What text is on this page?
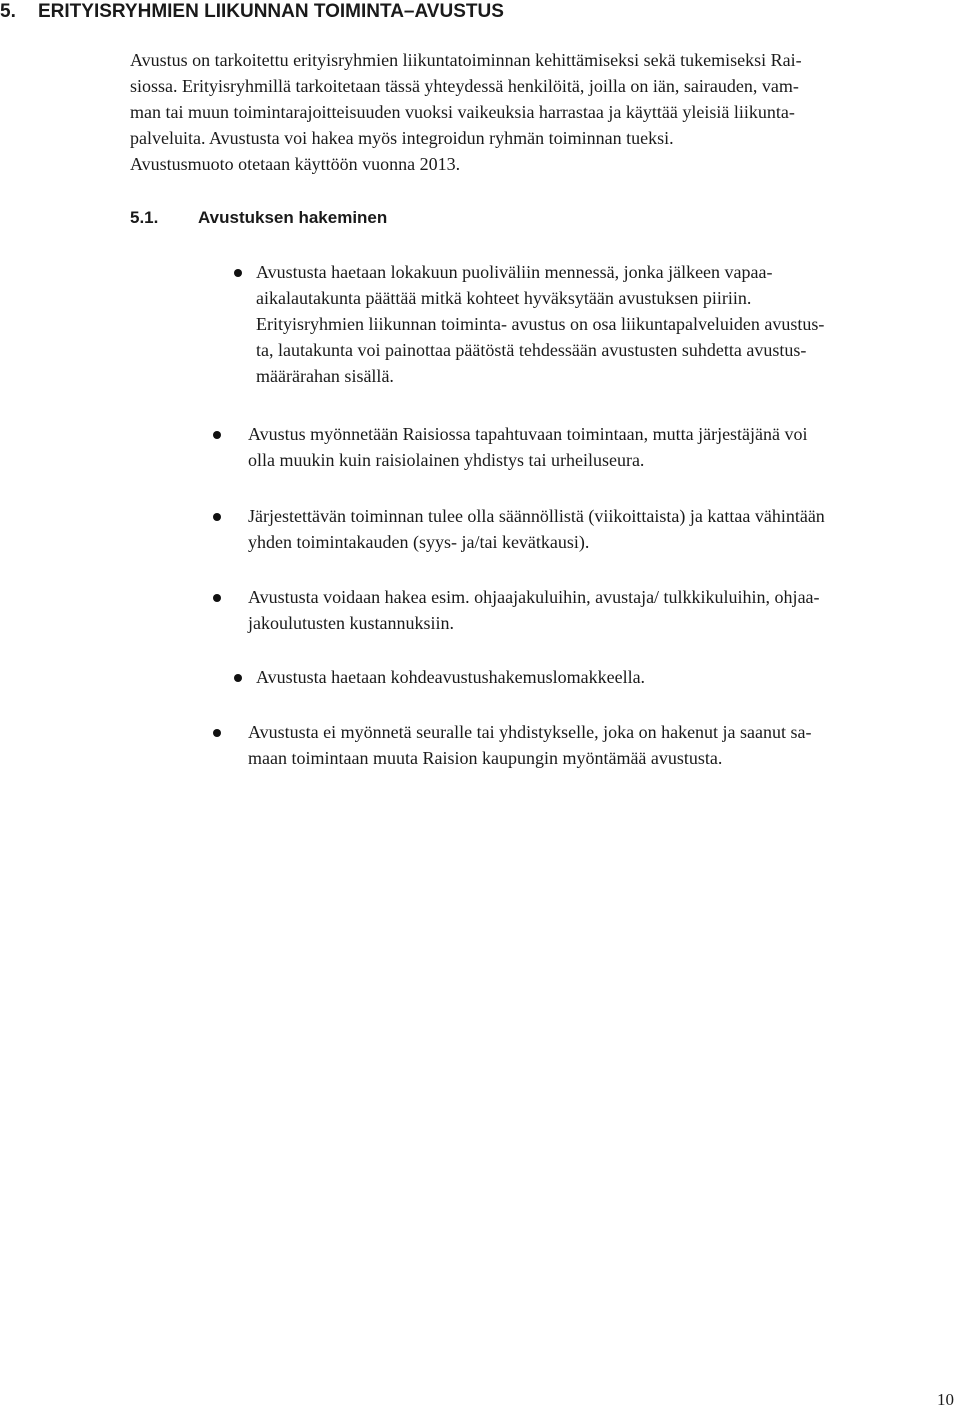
5. ERITYISRYHMIEN LIIKUNNAN TOIMINTA–AVUSTUS

Avustus on tarkoitettu erityisryhmien liikuntatoiminnan kehittämiseksi sekä tukemiseksi Rai-
siossa. Erityisryhmillä tarkoitetaan tässä yhteydessä henkilöitä, joilla on iän, sairauden, vam-
man tai muun toimintarajoitteisuuden vuoksi vaikeuksia harrastaa ja käyttää yleisiä liikunta-
palveluita. Avustusta voi hakea myös integroidun ryhmän toiminnan tueksi.
Avustusmuoto otetaan käyttöön vuonna 2013.

5.1. Avustuksen hakeminen
Avustusta haetaan lokakuun puoliväliin mennessä, jonka jälkeen vapaa-
aikalautakunta päättää mitkä kohteet hyväksytään avustuksen piiriin.
Erityisryhmien liikunnan toiminta- avustus on osa liikuntapalveluiden avustus-
ta, lautakunta voi painottaa päätöstä tehdessään avustusten suhdetta avustus-
määrärahan sisällä.
Avustus myönnetään Raisiossa tapahtuvaan toimintaan, mutta järjestäjänä voi
olla muukin kuin raisiolainen yhdistys tai urheiluseura.
Järjestettävän toiminnan tulee olla säännöllistä (viikoittaista) ja kattaa vähintään
yhden toimintakauden (syys- ja/tai kevätkausi).
Avustusta voidaan hakea esim. ohjaajakuluihin, avustaja/ tulkkikuluihin, ohjaa-
jakoulutusten kustannuksiin.
Avustusta haetaan kohdeavustushakemuslomakkeella.
Avustusta ei myönnetä seuralle tai yhdistykselle, joka on hakenut ja saanut sa-
maan toimintaan muuta Raision kaupungin myöntämää avustusta.
10
